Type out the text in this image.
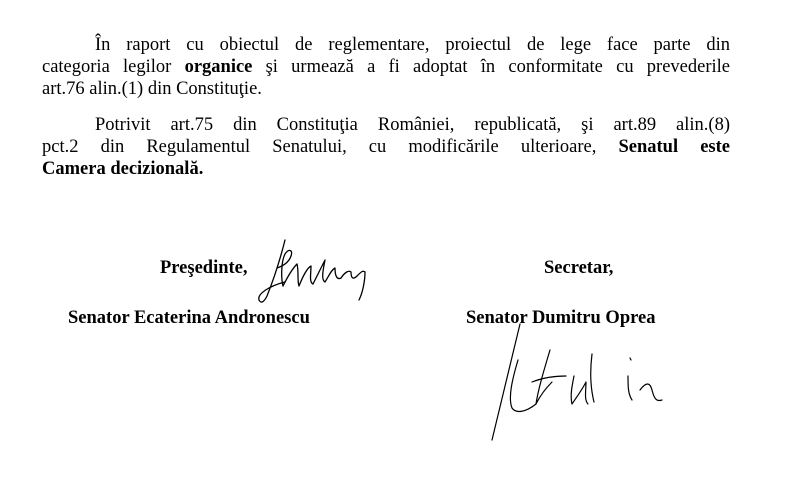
În raport cu obiectul de reglementare, proiectul de lege face parte din
categoria legilor organice şi urmează a fi adoptat în conformitate cu prevederile
art.76 alin.(1) din Constituţie.
Potrivit art.75 din Constituţia României, republicată, şi art.89 alin.(8)
pct.2 din Regulamentul Senatului, cu modificările ulterioare, Senatul este
Camera decizională.
Preşedinte,
Senator Ecaterina Andronescu
Secretar,
Senator Dumitru Oprea
